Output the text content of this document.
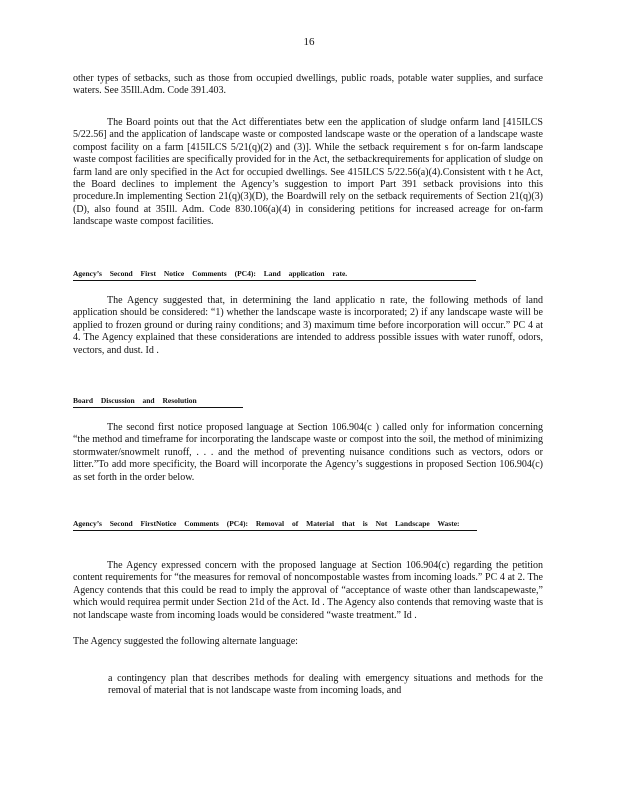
16
other types of setbacks, such as those from occupied dwellings, public roads, potable water supplies, and surface waters. See 35Ill.Adm. Code 391.403.
The Board points out that the Act differentiates betw een the application of sludge onfarm land [415ILCS 5/22.56] and the application of landscape waste or composted landscape waste or the operation of a landscape waste compost facility on a farm [415ILCS 5/21(q)(2) and (3)]. While the setback requirement s for on-farm landscape waste compost facilities are specifically provided for in the Act, the setbackrequirements for application of sludge on farm land are only specified in the Act for occupied dwellings. See 415ILCS 5/22.56(a)(4).Consistent with t he Act, the Board declines to implement the Agency’s suggestion to import Part 391 setback provisions into this procedure.In implementing Section 21(q)(3)(D), the Boardwill rely on the setback requirements of Section 21(q)(3)(D), also found at 35Ill. Adm. Code 830.106(a)(4) in considering petitions for increased acreage for on-farm landscape waste compost facilities.
Agency’s Second First Notice Comments (PC4): Land application rate.
The Agency suggested that, in determining the land applicatio n rate, the following methods of land application should be considered: “1) whether the landscape waste is incorporated; 2) if any landscape waste will be applied to frozen ground or during rainy conditions; and 3) maximum time before incorporation will occur.” PC 4 at 4. The Agency explained that these considerations are intended to address possible issues with water runoff, odors, vectors, and dust. Id .
Board Discussion and Resolution
The second first notice proposed language at Section 106.904(c ) called only for information concerning “the method and timeframe for incorporating the landscape waste or compost into the soil, the method of minimizing stormwater/snowmelt runoff, . . . and the method of preventing nuisance conditions such as vectors, odors or litter.”To add more specificity, the Board will incorporate the Agency’s suggestions in proposed Section 106.904(c) as set forth in the order below.
Agency’s Second FirstNotice Comments (PC4): Removal of Material that is Not Landscape Waste:
The Agency expressed concern with the proposed language at Section 106.904(c) regarding the petition content requirements for “the measures for removal of noncompostable wastes from incoming loads.” PC 4 at 2. The Agency contends that this could be read to imply the approval of “acceptance of waste other than landscapewaste,” which would requirea permit under Section 21d of the Act. Id . The Agency also contends that removing waste that is not landscape waste from incoming loads would be considered “waste treatment.” Id .
The Agency suggested the following alternate language:
a contingency plan that describes methods for dealing with emergency situations and methods for the removal of material that is not landscape waste from incoming loads, and
